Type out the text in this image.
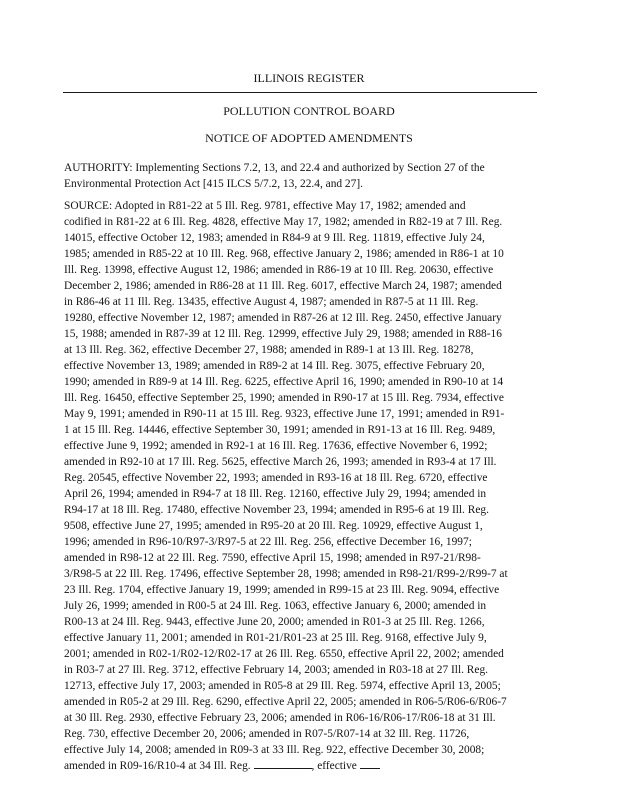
ILLINOIS REGISTER
POLLUTION CONTROL BOARD
NOTICE OF ADOPTED AMENDMENTS
AUTHORITY: Implementing Sections 7.2, 13, and 22.4 and authorized by Section 27 of the
Environmental Protection Act [415 ILCS 5/7.2, 13, 22.4, and 27].
SOURCE: Adopted in R81-22 at 5 Ill. Reg. 9781, effective May 17, 1982; amended and
codified in R81-22 at 6 Ill. Reg. 4828, effective May 17, 1982; amended in R82-19 at 7 Ill. Reg.
14015, effective October 12, 1983; amended in R84-9 at 9 Ill. Reg. 11819, effective July 24,
1985; amended in R85-22 at 10 Ill. Reg. 968, effective January 2, 1986; amended in R86-1 at 10
Ill. Reg. 13998, effective August 12, 1986; amended in R86-19 at 10 Ill. Reg. 20630, effective
December 2, 1986; amended in R86-28 at 11 Ill. Reg. 6017, effective March 24, 1987; amended
in R86-46 at 11 Ill. Reg. 13435, effective August 4, 1987; amended in R87-5 at 11 Ill. Reg.
19280, effective November 12, 1987; amended in R87-26 at 12 Ill. Reg. 2450, effective January
15, 1988; amended in R87-39 at 12 Ill. Reg. 12999, effective July 29, 1988; amended in R88-16
at 13 Ill. Reg. 362, effective December 27, 1988; amended in R89-1 at 13 Ill. Reg. 18278,
effective November 13, 1989; amended in R89-2 at 14 Ill. Reg. 3075, effective February 20,
1990; amended in R89-9 at 14 Ill. Reg. 6225, effective April 16, 1990; amended in R90-10 at 14
Ill. Reg. 16450, effective September 25, 1990; amended in R90-17 at 15 Ill. Reg. 7934, effective
May 9, 1991; amended in R90-11 at 15 Ill. Reg. 9323, effective June 17, 1991; amended in R91-
1 at 15 Ill. Reg. 14446, effective September 30, 1991; amended in R91-13 at 16 Ill. Reg. 9489,
effective June 9, 1992; amended in R92-1 at 16 Ill. Reg. 17636, effective November 6, 1992;
amended in R92-10 at 17 Ill. Reg. 5625, effective March 26, 1993; amended in R93-4 at 17 Ill.
Reg. 20545, effective November 22, 1993; amended in R93-16 at 18 Ill. Reg. 6720, effective
April 26, 1994; amended in R94-7 at 18 Ill. Reg. 12160, effective July 29, 1994; amended in
R94-17 at 18 Ill. Reg. 17480, effective November 23, 1994; amended in R95-6 at 19 Ill. Reg.
9508, effective June 27, 1995; amended in R95-20 at 20 Ill. Reg. 10929, effective August 1,
1996; amended in R96-10/R97-3/R97-5 at 22 Ill. Reg. 256, effective December 16, 1997;
amended in R98-12 at 22 Ill. Reg. 7590, effective April 15, 1998; amended in R97-21/R98-
3/R98-5 at 22 Ill. Reg. 17496, effective September 28, 1998; amended in R98-21/R99-2/R99-7 at
23 Ill. Reg. 1704, effective January 19, 1999; amended in R99-15 at 23 Ill. Reg. 9094, effective
July 26, 1999; amended in R00-5 at 24 Ill. Reg. 1063, effective January 6, 2000; amended in
R00-13 at 24 Ill. Reg. 9443, effective June 20, 2000; amended in R01-3 at 25 Ill. Reg. 1266,
effective January 11, 2001; amended in R01-21/R01-23 at 25 Ill. Reg. 9168, effective July 9,
2001; amended in R02-1/R02-12/R02-17 at 26 Ill. Reg. 6550, effective April 22, 2002; amended
in R03-7 at 27 Ill. Reg. 3712, effective February 14, 2003; amended in R03-18 at 27 Ill. Reg.
12713, effective July 17, 2003; amended in R05-8 at 29 Ill. Reg. 5974, effective April 13, 2005;
amended in R05-2 at 29 Ill. Reg. 6290, effective April 22, 2005; amended in R06-5/R06-6/R06-7
at 30 Ill. Reg. 2930, effective February 23, 2006; amended in R06-16/R06-17/R06-18 at 31 Ill.
Reg. 730, effective December 20, 2006; amended in R07-5/R07-14 at 32 Ill. Reg. 11726,
effective July 14, 2008; amended in R09-3 at 33 Ill. Reg. 922, effective December 30, 2008;
amended in R09-16/R10-4 at 34 Ill. Reg.	, effective
